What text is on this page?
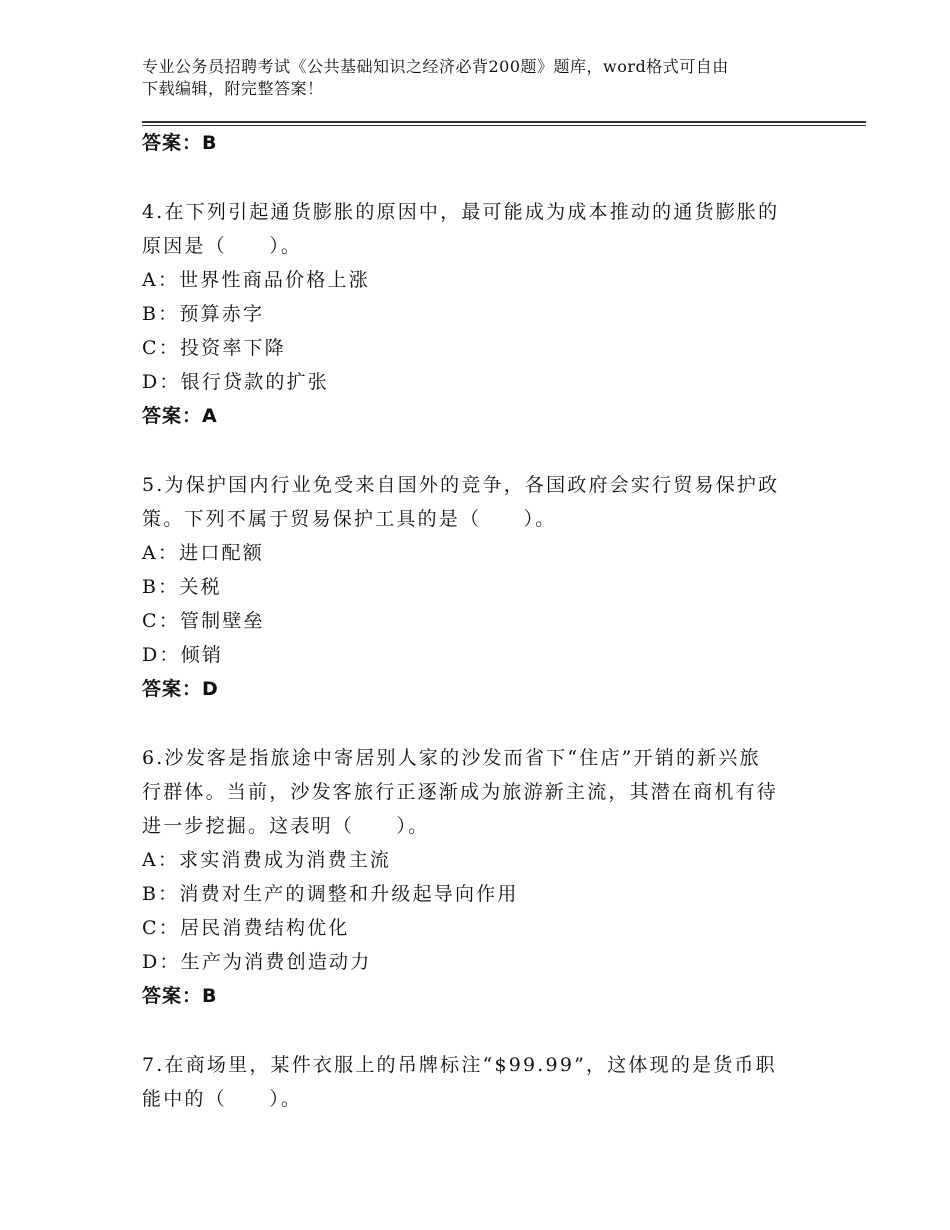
专业公务员招聘考试《公共基础知识之经济必背200题》题库，word格式可自由
下载编辑，附完整答案！
答案：B
4.在下列引起通货膨胀的原因中，最可能成为成本推动的通货膨胀的
原因是（　　）。
A：世界性商品价格上涨
B：预算赤字
C：投资率下降
D：银行贷款的扩张
答案：A
5.为保护国内行业免受来自国外的竞争，各国政府会实行贸易保护政
策。下列不属于贸易保护工具的是（　　）。
A：进口配额
B：关税
C：管制壁垒
D：倾销
答案：D
6.沙发客是指旅途中寄居别人家的沙发而省下“住店”开销的新兴旅
行群体。当前，沙发客旅行正逐渐成为旅游新主流，其潜在商机有待
进一步挖掘。这表明（　　）。
A：求实消费成为消费主流
B：消费对生产的调整和升级起导向作用
C：居民消费结构优化
D：生产为消费创造动力
答案：B
7.在商场里，某件衣服上的吊牌标注“$99.99”，这体现的是货币职
能中的（　　）。
